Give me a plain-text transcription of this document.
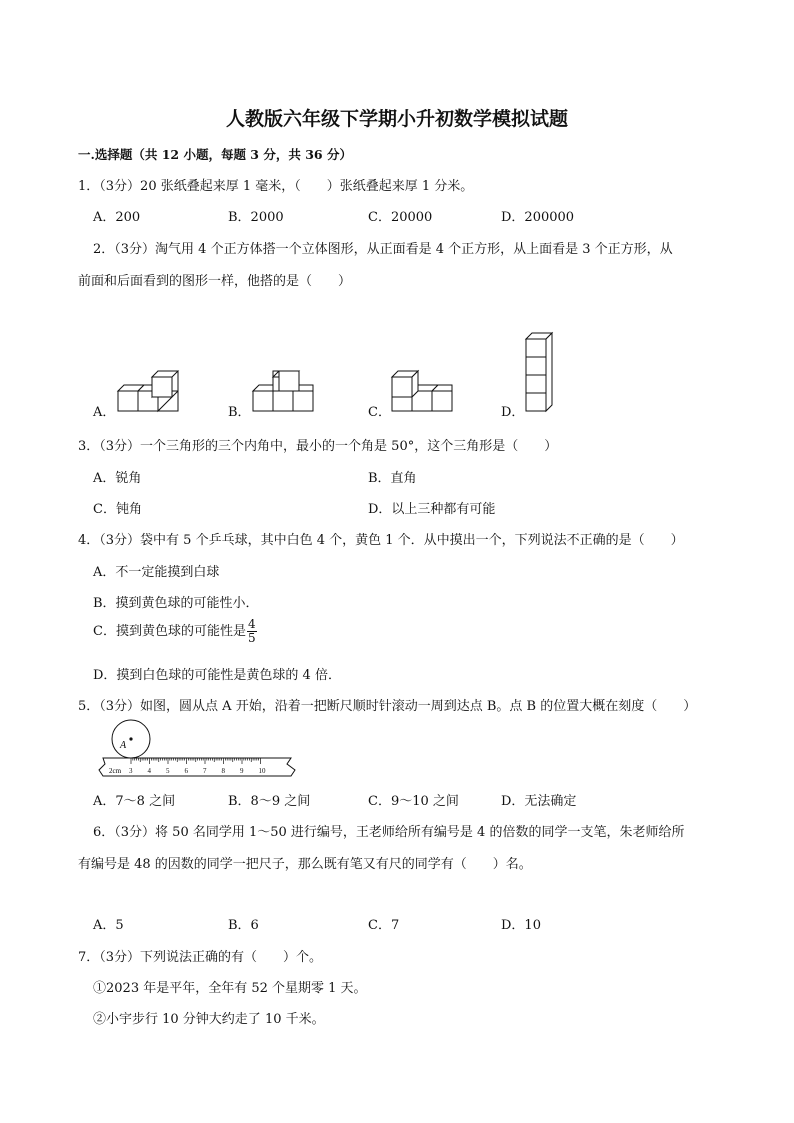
人教版六年级下学期小升初数学模拟试题
一.选择题（共 12 小题，每题 3 分，共 36 分）
1．（3分）20 张纸叠起来厚 1 毫米，（　　）张纸叠起来厚 1 分米。
A．200	B．2000	C．20000	D．200000
2．（3分）淘气用 4 个正方体搭一个立体图形，从正面看是 4 个正方形，从上面看是 3 个正方形，从
前面和后面看到的图形一样，他搭的是（　　）
A．	B．	C．	D．
3．（3分）一个三角形的三个内角中，最小的一个角是 50°，这个三角形是（　　）
A．锐角	B．直角
C．钝角	D．以上三种都有可能
4．（3分）袋中有 5 个乒乓球，其中白色 4 个，黄色 1 个．从中摸出一个，下列说法不正确的是（　　）
A．不一定能摸到白球
B．摸到黄色球的可能性小．
C．摸到黄色球的可能性是 $\frac{4}{5}$
D．摸到白色球的可能性是黄色球的 4 倍．
5．（3分）如图，圆从点 A 开始，沿着一把断尺顺时针滚动一周到达点 B。点 B 的位置大概在刻度（　　）
A
2cm 3 4 5 6 7 8 9 10
A．7～8 之间	B．8～9 之间	C．9～10 之间	D．无法确定
6．（3分）将 50 名同学用 1～50 进行编号，王老师给所有编号是 4 的倍数的同学一支笔，朱老师给所
有编号是 48 的因数的同学一把尺子，那么既有笔又有尺的同学有（　　）名。
A．5	B．6	C．7	D．10
7．（3分）下列说法正确的有（　　）个。
①2023 年是平年，全年有 52 个星期零 1 天。
②小宇步行 10 分钟大约走了 10 千米。
